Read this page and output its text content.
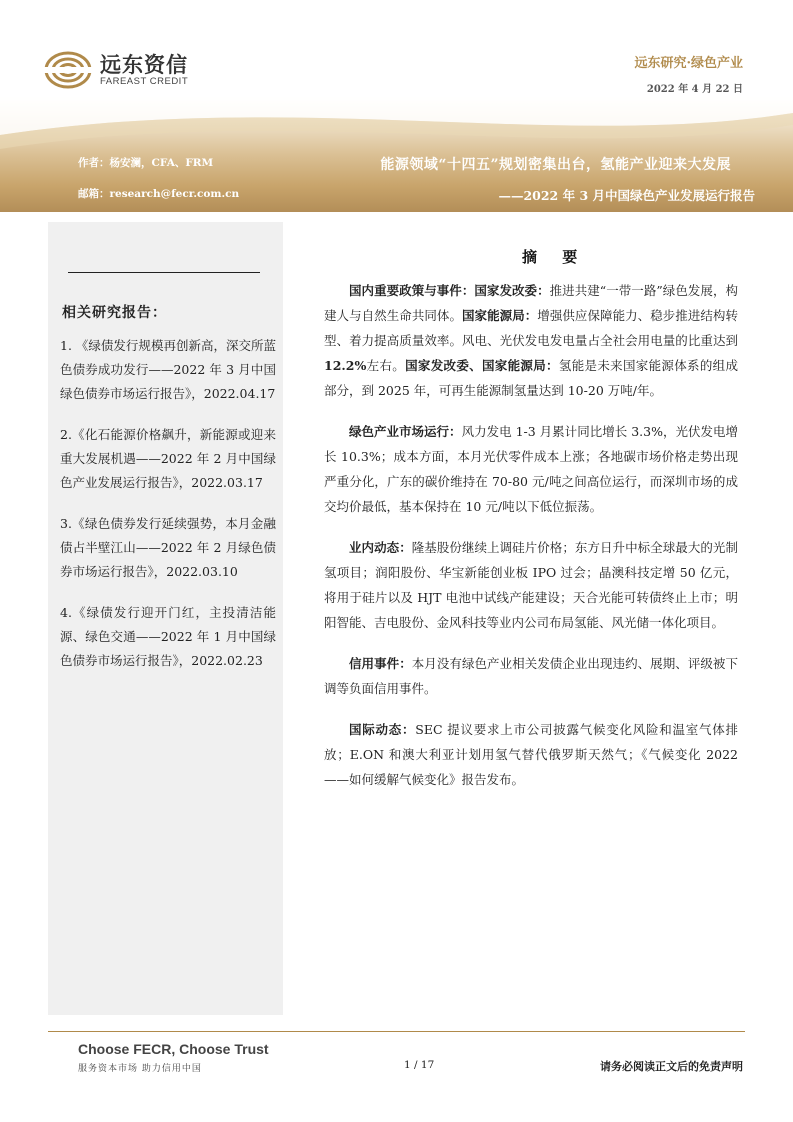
远东资信
FAREAST CREDIT
远东研究·绿色产业
2022 年 4 月 22 日
作者：杨安澜，CFA、FRM
邮箱：research@fecr.com.cn
能源领域“十四五”规划密集出台，氢能产业迎来大发展
——2022 年 3 月中国绿色产业发展运行报告
相关研究报告：
1. 《绿债发行规模再创新高，深交所蓝色债券成功发行——2022 年 3 月中国绿色债券市场运行报告》，2022.04.17
2.《化石能源价格飙升，新能源或迎来重大发展机遇——2022 年 2 月中国绿色产业发展运行报告》，2022.03.17
3.《绿色债券发行延续强势，本月金融债占半壁江山——2022 年 2 月绿色债券市场运行报告》，2022.03.10
4.《绿债发行迎开门红，主投清洁能源、绿色交通——2022 年 1 月中国绿色债券市场运行报告》，2022.02.23
摘 要

国内重要政策与事件：国家发改委：推进共建“一带一路”绿色发展，构建人与自然生命共同体。国家能源局：增强供应保障能力、稳步推进结构转型、着力提高质量效率。风电、光伏发电发电量占全社会用电量的比重达到12.2%左右。国家发改委、国家能源局：氢能是未来国家能源体系的组成部分，到 2025 年，可再生能源制氢量达到 10-20 万吨/年。

绿色产业市场运行：风力发电 1-3 月累计同比增长 3.3%，光伏发电增长 10.3%；成本方面，本月光伏零件成本上涨；各地碳市场价格走势出现严重分化，广东的碳价维持在 70-80 元/吨之间高位运行，而深圳市场的成交均价最低，基本保持在 10 元/吨以下低位振荡。

业内动态：隆基股份继续上调硅片价格；东方日升中标全球最大的光制氢项目；润阳股份、华宝新能创业板 IPO 过会；晶澳科技定增 50 亿元，将用于硅片以及 HJT 电池中试线产能建设；天合光能可转债终止上市；明阳智能、吉电股份、金风科技等业内公司布局氢能、风光储一体化项目。

信用事件：本月没有绿色产业相关发债企业出现违约、展期、评级被下调等负面信用事件。

国际动态：SEC 提议要求上市公司披露气候变化风险和温室气体排放；E.ON 和澳大利亚计划用氢气替代俄罗斯天然气；《气候变化 2022——如何缓解气候变化》报告发布。

Choose FECR, Choose Trust
服务资本市场 助力信用中国	1 / 17	请务必阅读正文后的免责声明
